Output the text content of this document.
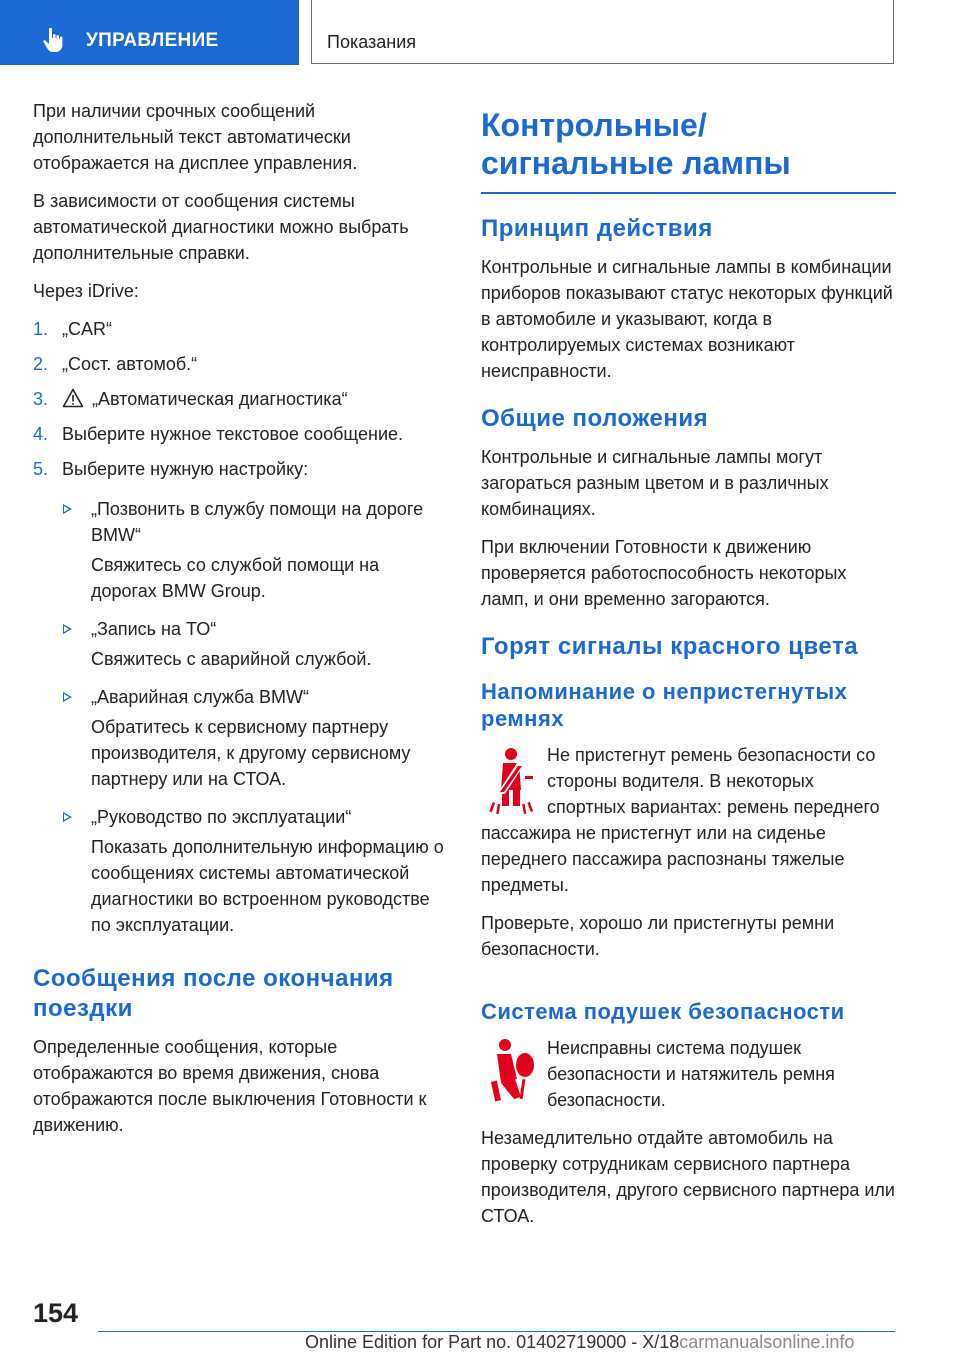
УПРАВЛЕНИЕ	Показания

При наличии срочных сообщений дополнительный текст автоматически отображается на дисплее управления.

В зависимости от сообщения системы автоматической диагностики можно выбрать дополнительные справки.

Через iDrive:

1. „CAR“
2. „Сост. автомоб.“
3. „Автоматическая диагностика“
4. Выберите нужное текстовое сообщение.
5. Выберите нужную настройку:
„Позвонить в службу помощи на дороге BMW“
Свяжитесь со службой помощи на дорогах BMW Group.
„Запись на ТО“
Свяжитесь с аварийной службой.
„Аварийная служба BMW“
Обратитесь к сервисному партнеру производителя, к другому сервисному партнеру или на СТОА.
„Руководство по эксплуатации“
Показать дополнительную информацию о сообщениях системы автоматической диагностики во встроенном руководстве по эксплуатации.
Сообщения после окончания поездки

Определенные сообщения, которые отображаются во время движения, снова отображаются после выключения Готовности к движению.

Контрольные/сигнальные лампы
Принцип действия

Контрольные и сигнальные лампы в комбинации приборов показывают статус некоторых функций в автомобиле и указывают, когда в контролируемых системах возникают неисправности.

Общие положения

Контрольные и сигнальные лампы могут загораться разным цветом и в различных комбинациях.

При включении Готовности к движению проверяется работоспособность некоторых ламп, и они временно загораются.

Горят сигналы красного цвета
Напоминание о непристегнутых ремнях

Не пристегнут ремень безопасности со стороны водителя. В некоторых спортных вариантах: ремень переднего пассажира не пристегнут или на сиденье переднего пассажира распознаны тяжелые предметы.

Проверьте, хорошо ли пристегнуты ремни безопасности.

Система подушек безопасности

Неисправны система подушек безопасности и натяжитель ремня безопасности.

Незамедлительно отдайте автомобиль на проверку сотрудникам сервисного партнера производителя, другого сервисного партнера или СТОА.

154
Online Edition for Part no. 01402719000 - X/18carmanualsonline.info
